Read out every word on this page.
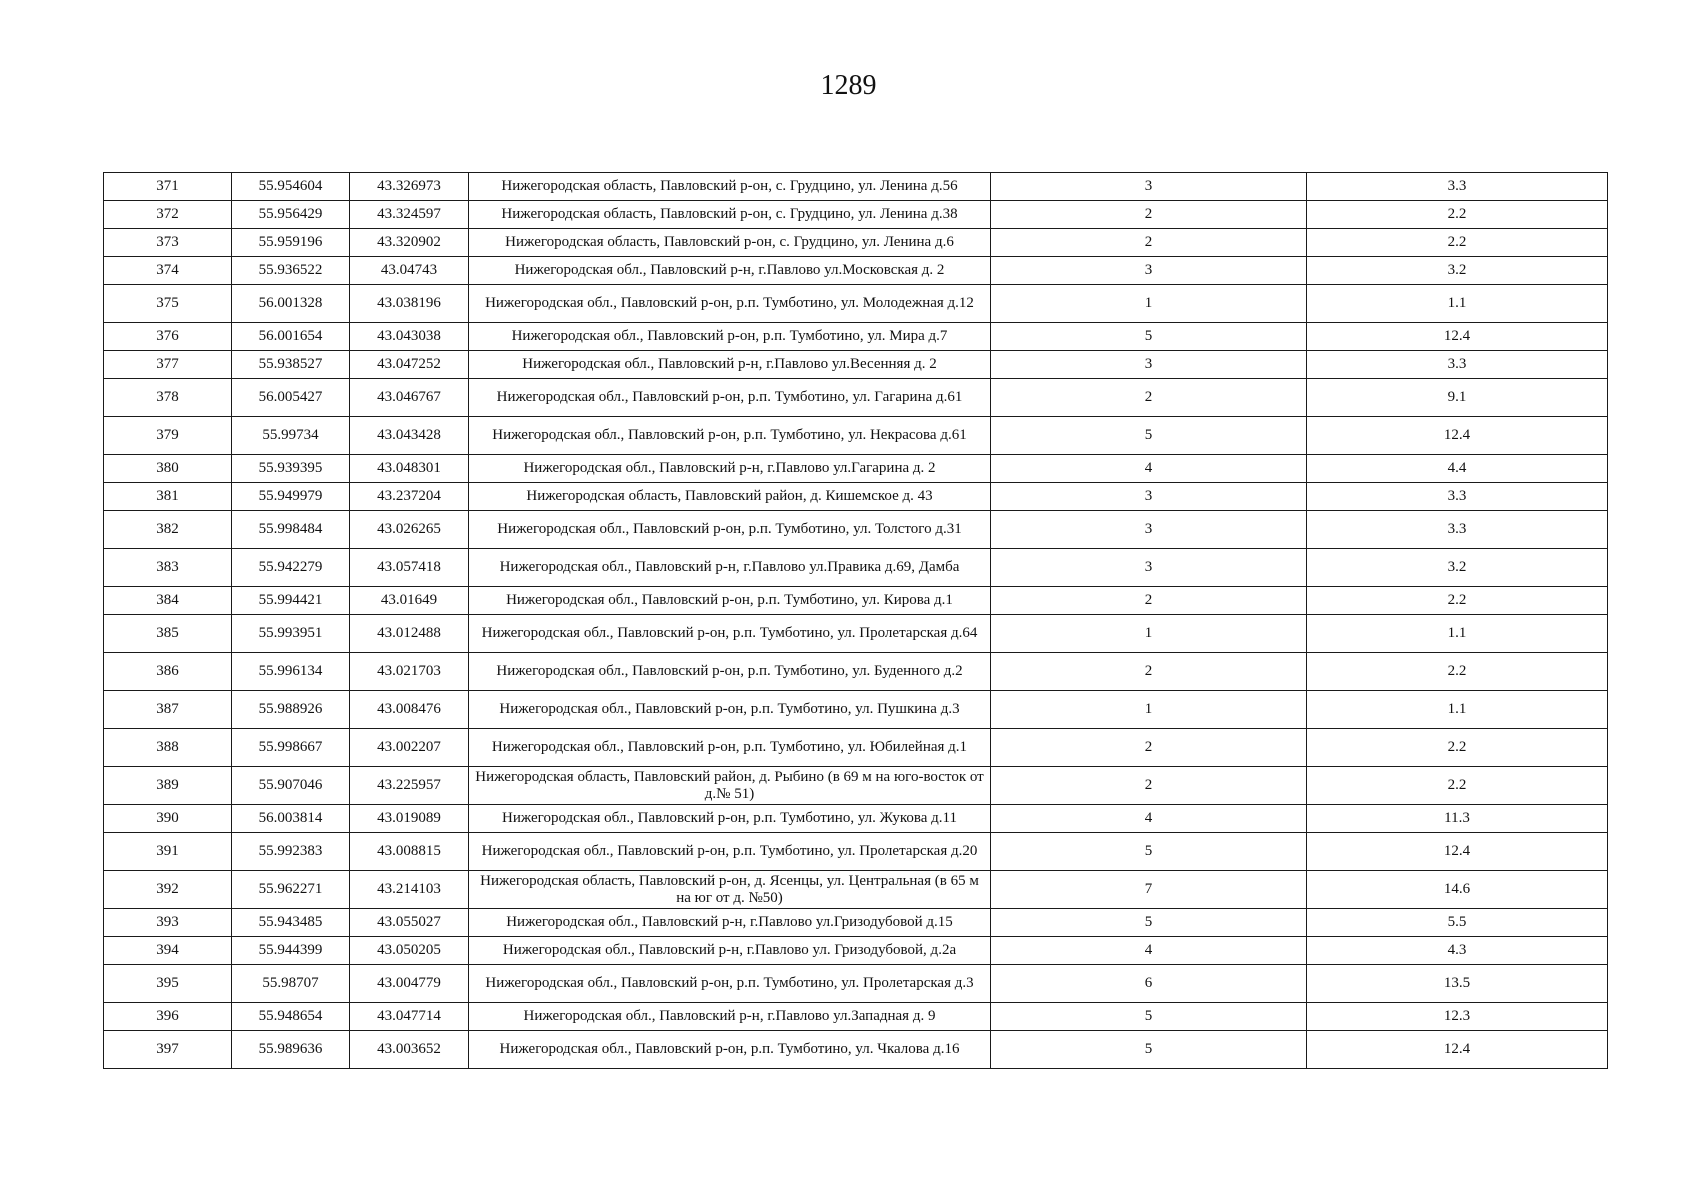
1289
371	55.954604	43.326973	Нижегородская область, Павловский р-он, с. Грудцино, ул. Ленина д.56	3	3.3
372	55.956429	43.324597	Нижегородская область, Павловский р-он, с. Грудцино, ул. Ленина д.38	2	2.2
373	55.959196	43.320902	Нижегородская область, Павловский р-он, с. Грудцино, ул. Ленина д.6	2	2.2
374	55.936522	43.04743	Нижегородская обл., Павловский р-н, г.Павлово ул.Московская д. 2	3	3.2
375	56.001328	43.038196	Нижегородская обл., Павловский р-он, р.п. Тумботино, ул. Молодежная д.12	1	1.1
376	56.001654	43.043038	Нижегородская обл., Павловский р-он, р.п. Тумботино, ул. Мира д.7	5	12.4
377	55.938527	43.047252	Нижегородская обл., Павловский р-н, г.Павлово ул.Весенняя д. 2	3	3.3
378	56.005427	43.046767	Нижегородская обл., Павловский р-он, р.п. Тумботино, ул. Гагарина д.61	2	9.1
379	55.99734	43.043428	Нижегородская обл., Павловский р-он, р.п. Тумботино, ул. Некрасова д.61	5	12.4
380	55.939395	43.048301	Нижегородская обл., Павловский р-н, г.Павлово ул.Гагарина д. 2	4	4.4
381	55.949979	43.237204	Нижегородская область, Павловский район, д. Кишемское д. 43	3	3.3
382	55.998484	43.026265	Нижегородская обл., Павловский р-он, р.п. Тумботино, ул. Толстого д.31	3	3.3
383	55.942279	43.057418	Нижегородская обл., Павловский р-н, г.Павлово ул.Правика д.69, Дамба	3	3.2
384	55.994421	43.01649	Нижегородская обл., Павловский р-он, р.п. Тумботино, ул. Кирова д.1	2	2.2
385	55.993951	43.012488	Нижегородская обл., Павловский р-он, р.п. Тумботино, ул. Пролетарская д.64	1	1.1
386	55.996134	43.021703	Нижегородская обл., Павловский р-он, р.п. Тумботино, ул. Буденного д.2	2	2.2
387	55.988926	43.008476	Нижегородская обл., Павловский р-он, р.п. Тумботино, ул. Пушкина д.3	1	1.1
388	55.998667	43.002207	Нижегородская обл., Павловский р-он, р.п. Тумботино, ул. Юбилейная д.1	2	2.2
389	55.907046	43.225957	Нижегородская область, Павловский район, д. Рыбино (в 69 м на юго-восток от д.№ 51)	2	2.2
390	56.003814	43.019089	Нижегородская обл., Павловский р-он, р.п. Тумботино, ул. Жукова д.11	4	11.3
391	55.992383	43.008815	Нижегородская обл., Павловский р-он, р.п. Тумботино, ул. Пролетарская д.20	5	12.4
392	55.962271	43.214103	Нижегородская область, Павловский р-он, д. Ясенцы, ул. Центральная (в 65 м на юг от д. №50)	7	14.6
393	55.943485	43.055027	Нижегородская обл., Павловский р-н, г.Павлово ул.Гризодубовой д.15	5	5.5
394	55.944399	43.050205	Нижегородская обл., Павловский р-н, г.Павлово ул. Гризодубовой, д.2а	4	4.3
395	55.98707	43.004779	Нижегородская обл., Павловский р-он, р.п. Тумботино, ул. Пролетарская д.3	6	13.5
396	55.948654	43.047714	Нижегородская обл., Павловский р-н, г.Павлово ул.Западная д. 9	5	12.3
397	55.989636	43.003652	Нижегородская обл., Павловский р-он, р.п. Тумботино, ул. Чкалова д.16	5	12.4
